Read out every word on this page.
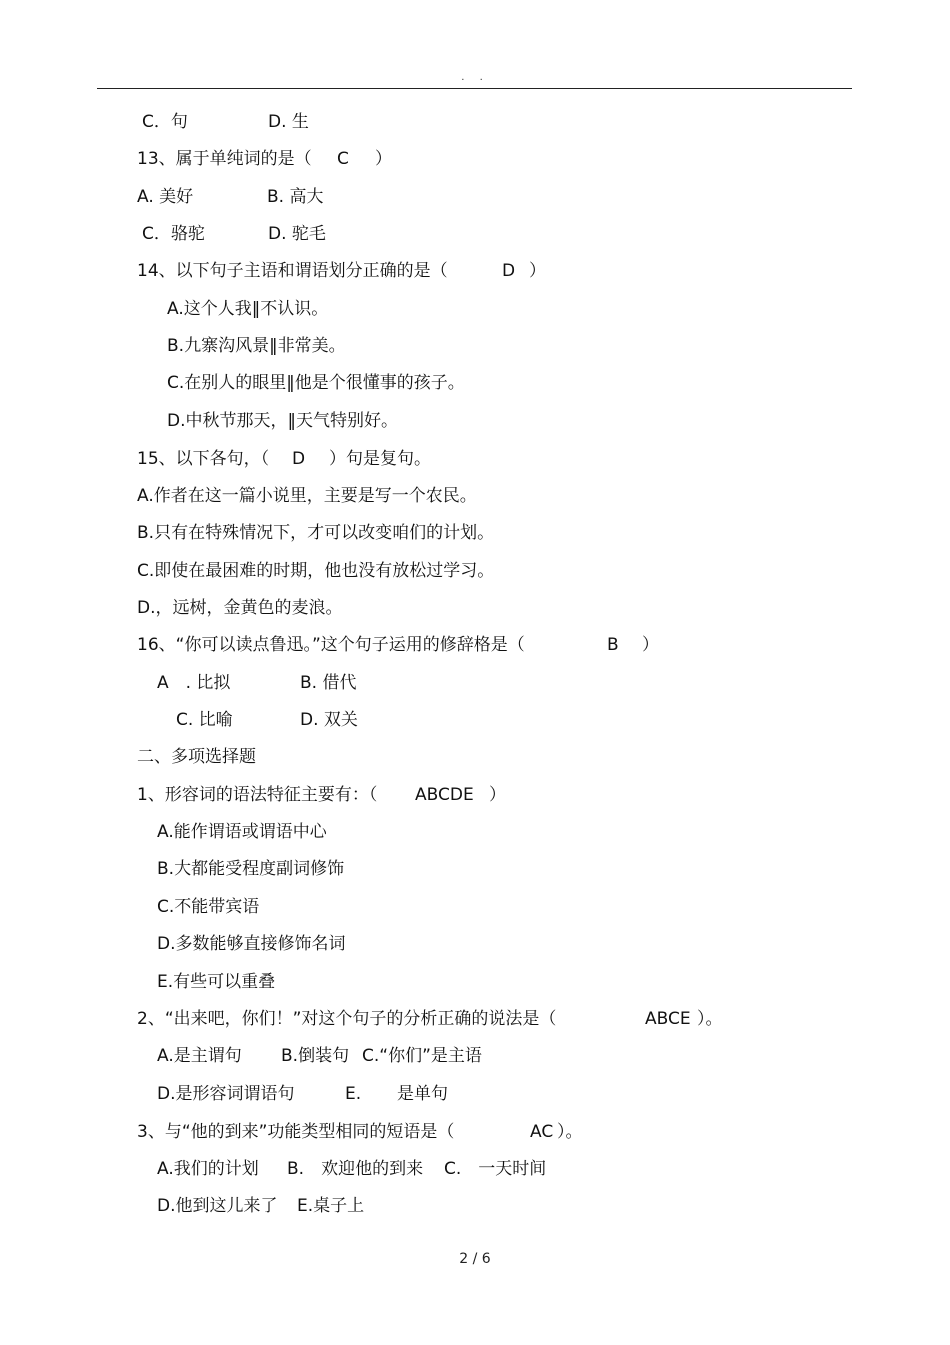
. .
C．句	D. 生
13、属于单纯词的是（ C ）
A. 美好	B. 高大
C．骆驼	D. 驼毛
14、以下句子主语和谓语划分正确的是（	D ）
A.这个人我‖不认识。
B.九寨沟风景‖非常美。
C.在别人的眼里‖他是个很懂事的孩子。
D.中秋节那天，‖天气特别好。
15、以下各句，（ D ）句是复句。
A.作者在这一篇小说里，主要是写一个农民。
B.只有在特殊情况下，才可以改变咱们的计划。
C.即使在最困难的时期，他也没有放松过学习。
D.，远树，金黄色的麦浪。
16、“你可以读点鲁迅。”这个句子运用的修辞格是（	B ）
A　. 比拟	B. 借代
C. 比喻	D. 双关
二、多项选择题
1、形容词的语法特征主要有：（ ABCDE ）
A.能作谓语或谓语中心
B.大都能受程度副词修饰
C.不能带宾语
D.多数能够直接修饰名词
E.有些可以重叠
2、“出来吧，你们！”对这个句子的分析正确的说法是（	ABCE ）。
A.是主谓句 B.倒装句 C.“你们”是主语
D.是形容词谓语句	E. 是单句
3、与“他的到来”功能类型相同的短语是（	AC ）。
A.我们的计划 B.　欢迎他的到来 C.　一天时间
D.他到这儿来了 E.桌子上
2 / 6
